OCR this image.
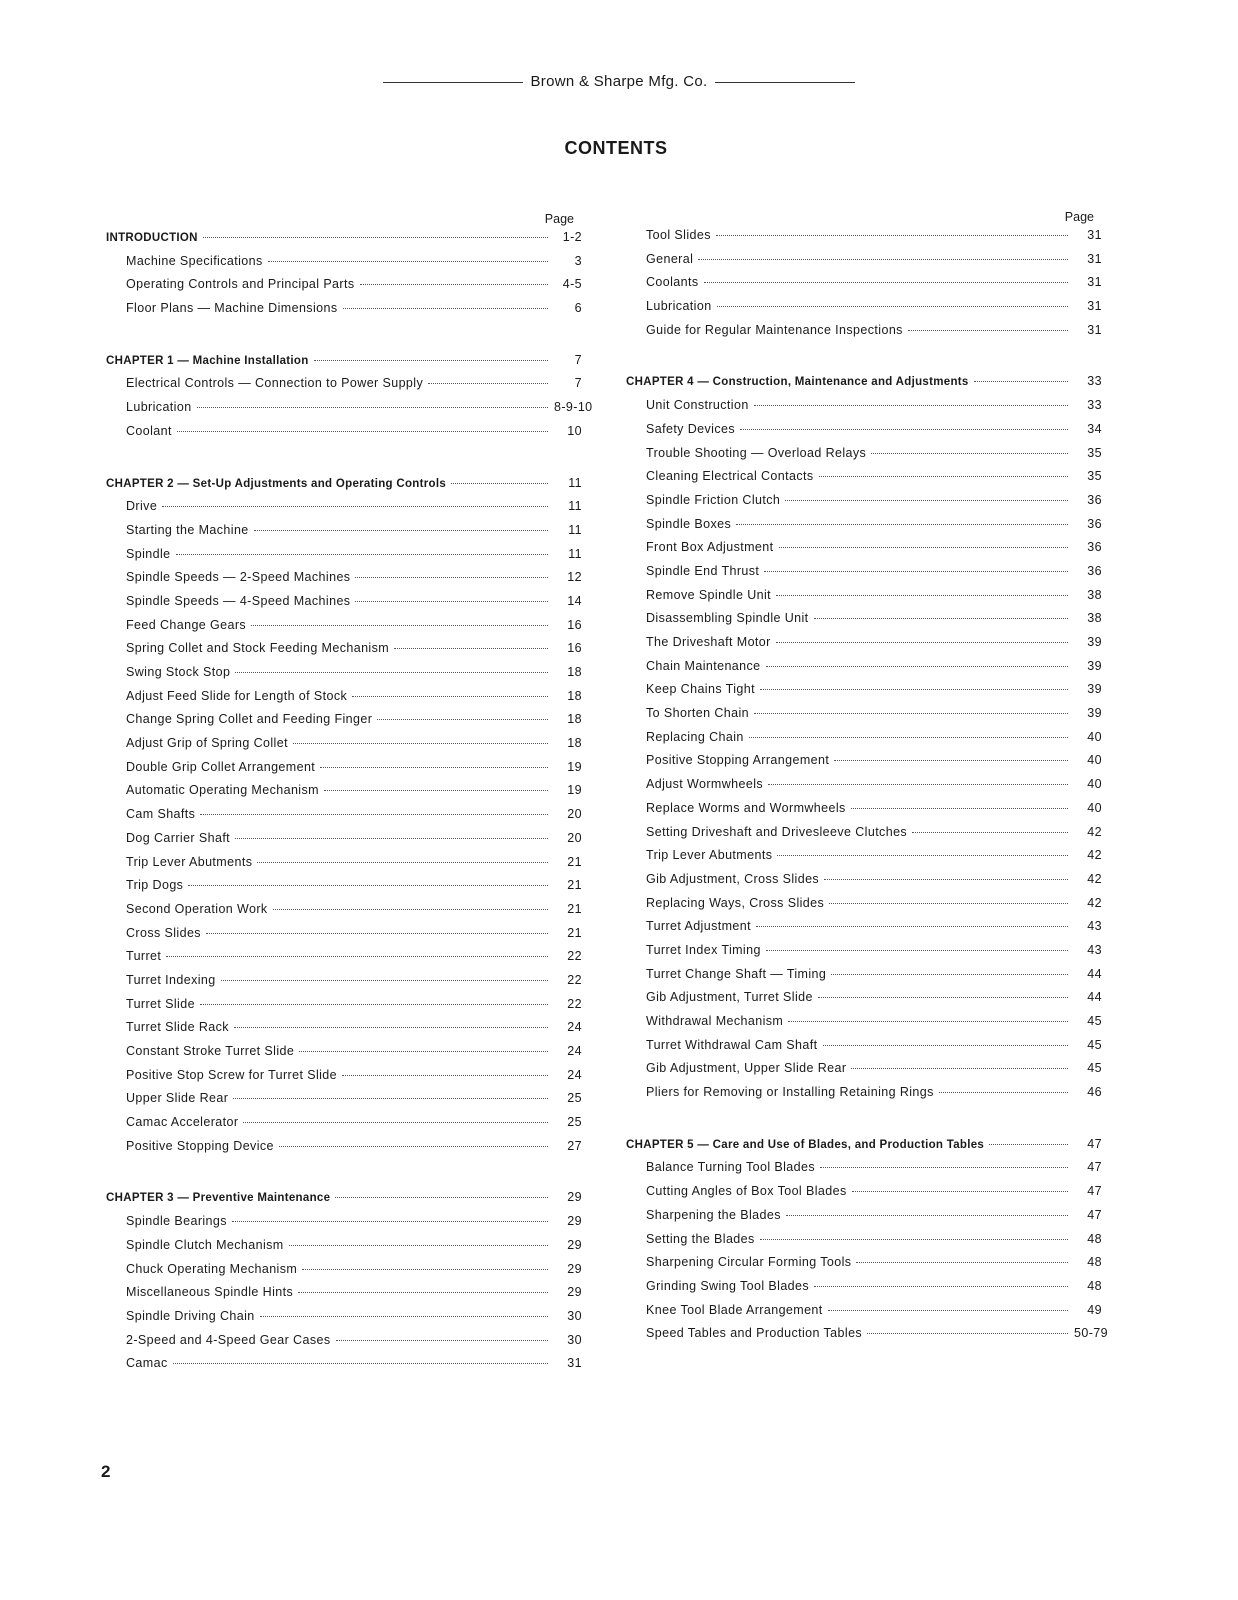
Brown & Sharpe Mfg. Co.
CONTENTS
Page
INTRODUCTION	1-2
Machine Specifications	3
Operating Controls and Principal Parts	4-5
Floor Plans — Machine Dimensions	6
CHAPTER 1 — Machine Installation	7
Electrical Controls — Connection to Power Supply	7
Lubrication	8-9-10
Coolant	10
CHAPTER 2 — Set-Up Adjustments and Operating Controls	11
Drive	11
Starting the Machine	11
Spindle	11
Spindle Speeds — 2-Speed Machines	12
Spindle Speeds — 4-Speed Machines	14
Feed Change Gears	16
Spring Collet and Stock Feeding Mechanism	16
Swing Stock Stop	18
Adjust Feed Slide for Length of Stock	18
Change Spring Collet and Feeding Finger	18
Adjust Grip of Spring Collet	18
Double Grip Collet Arrangement	19
Automatic Operating Mechanism	19
Cam Shafts	20
Dog Carrier Shaft	20
Trip Lever Abutments	21
Trip Dogs	21
Second Operation Work	21
Cross Slides	21
Turret	22
Turret Indexing	22
Turret Slide	22
Turret Slide Rack	24
Constant Stroke Turret Slide	24
Positive Stop Screw for Turret Slide	24
Upper Slide Rear	25
Camac Accelerator	25
Positive Stopping Device	27
CHAPTER 3 — Preventive Maintenance	29
Spindle Bearings	29
Spindle Clutch Mechanism	29
Chuck Operating Mechanism	29
Miscellaneous Spindle Hints	29
Spindle Driving Chain	30
2-Speed and 4-Speed Gear Cases	30
Camac	31
Page
Tool Slides	31
General	31
Coolants	31
Lubrication	31
Guide for Regular Maintenance Inspections	31
CHAPTER 4 — Construction, Maintenance and Adjustments	33
Unit Construction	33
Safety Devices	34
Trouble Shooting — Overload Relays	35
Cleaning Electrical Contacts	35
Spindle Friction Clutch	36
Spindle Boxes	36
Front Box Adjustment	36
Spindle End Thrust	36
Remove Spindle Unit	38
Disassembling Spindle Unit	38
The Driveshaft Motor	39
Chain Maintenance	39
Keep Chains Tight	39
To Shorten Chain	39
Replacing Chain	40
Positive Stopping Arrangement	40
Adjust Wormwheels	40
Replace Worms and Wormwheels	40
Setting Driveshaft and Drivesleeve Clutches	42
Trip Lever Abutments	42
Gib Adjustment, Cross Slides	42
Replacing Ways, Cross Slides	42
Turret Adjustment	43
Turret Index Timing	43
Turret Change Shaft — Timing	44
Gib Adjustment, Turret Slide	44
Withdrawal Mechanism	45
Turret Withdrawal Cam Shaft	45
Gib Adjustment, Upper Slide Rear	45
Pliers for Removing or Installing Retaining Rings	46
CHAPTER 5 — Care and Use of Blades, and Production Tables	47
Balance Turning Tool Blades	47
Cutting Angles of Box Tool Blades	47
Sharpening the Blades	47
Setting the Blades	48
Sharpening Circular Forming Tools	48
Grinding Swing Tool Blades	48
Knee Tool Blade Arrangement	49
Speed Tables and Production Tables	50-79
2
